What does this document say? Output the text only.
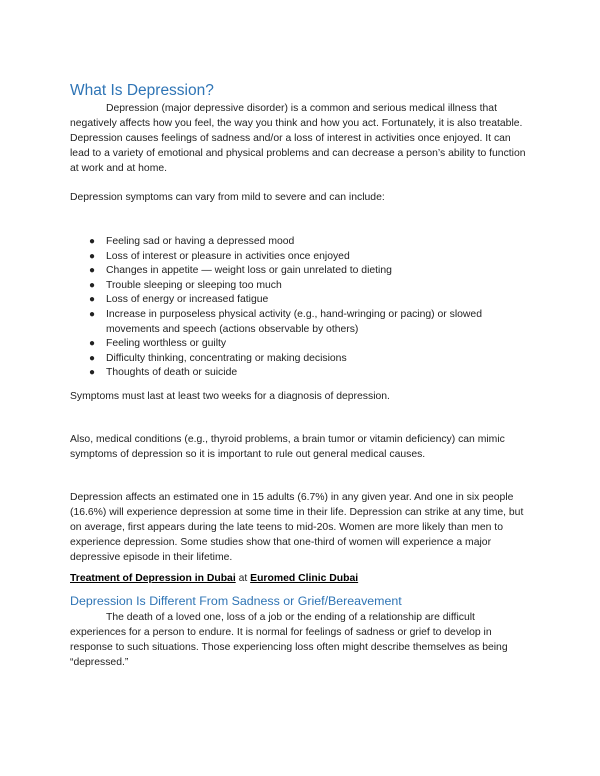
What Is Depression?

Depression (major depressive disorder) is a common and serious medical illness that negatively affects how you feel, the way you think and how you act. Fortunately, it is also treatable. Depression causes feelings of sadness and/or a loss of interest in activities once enjoyed. It can lead to a variety of emotional and physical problems and can decrease a person’s ability to function at work and at home.

Depression symptoms can vary from mild to severe and can include:

● Feeling sad or having a depressed mood
● Loss of interest or pleasure in activities once enjoyed
● Changes in appetite — weight loss or gain unrelated to dieting
● Trouble sleeping or sleeping too much
● Loss of energy or increased fatigue
● Increase in purposeless physical activity (e.g., hand-wringing or pacing) or slowed movements and speech (actions observable by others)
● Feeling worthless or guilty
● Difficulty thinking, concentrating or making decisions
● Thoughts of death or suicide

Symptoms must last at least two weeks for a diagnosis of depression.

Also, medical conditions (e.g., thyroid problems, a brain tumor or vitamin deficiency) can mimic symptoms of depression so it is important to rule out general medical causes.

Depression affects an estimated one in 15 adults (6.7%) in any given year. And one in six people (16.6%) will experience depression at some time in their life. Depression can strike at any time, but on average, first appears during the late teens to mid-20s. Women are more likely than men to experience depression. Some studies show that one-third of women will experience a major depressive episode in their lifetime.

Treatment of Depression in Dubai at Euromed Clinic Dubai

Depression Is Different From Sadness or Grief/Bereavement

The death of a loved one, loss of a job or the ending of a relationship are difficult experiences for a person to endure. It is normal for feelings of sadness or grief to develop in response to such situations. Those experiencing loss often might describe themselves as being “depressed.”
